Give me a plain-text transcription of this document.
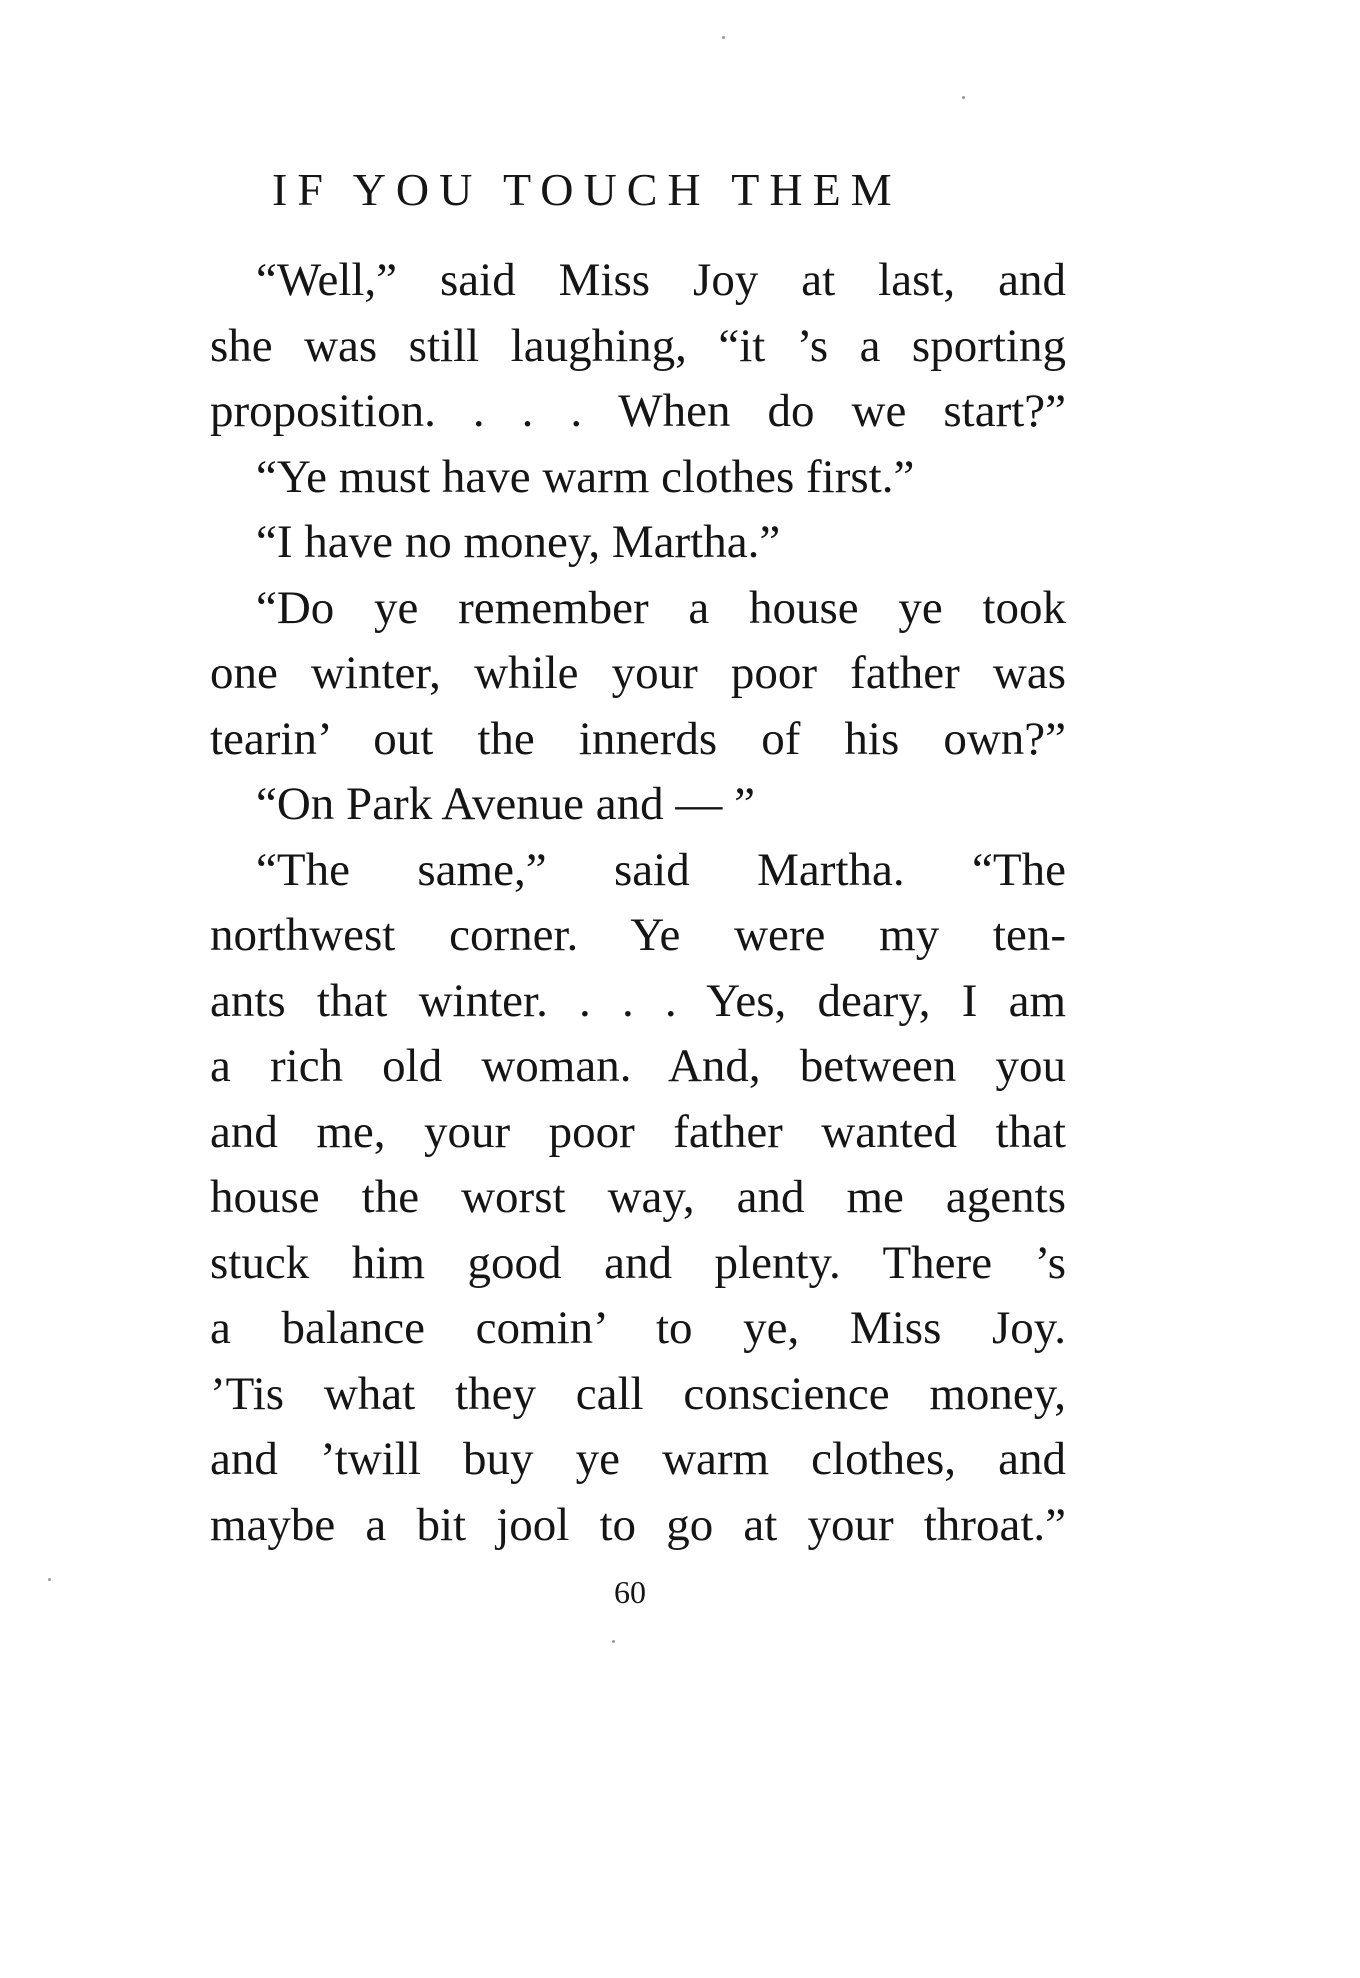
IF YOU TOUCH THEM
“Well,” said Miss Joy at last, and
she was still laughing, “it ’s a sporting
proposition. . . . When do we start?”
“Ye must have warm clothes first.”
“I have no money, Martha.”
“Do ye remember a house ye took
one winter, while your poor father was
tearin’ out the innerds of his own?”
“On Park Avenue and — ”
“The same,” said Martha. “The
northwest corner. Ye were my ten-
ants that winter. . . . Yes, deary, I am
a rich old woman. And, between you
and me, your poor father wanted that
house the worst way, and me agents
stuck him good and plenty. There ’s
a balance comin’ to ye, Miss Joy.
’Tis what they call conscience money,
and ’twill buy ye warm clothes, and
maybe a bit jool to go at your throat.”
60
